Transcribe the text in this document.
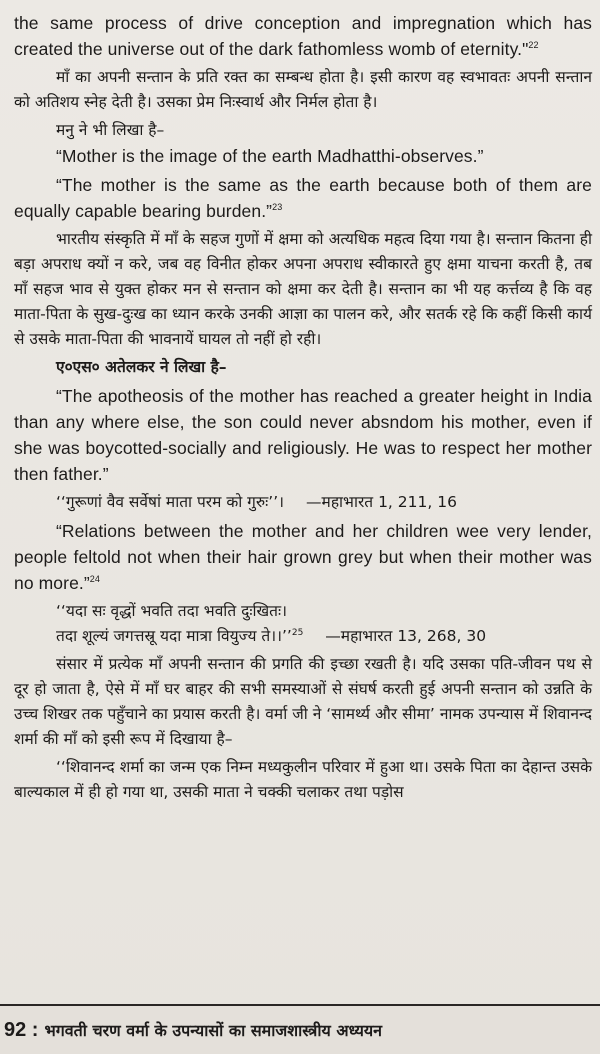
the same process of drive conception and impregnation which has created the universe out of the dark fathomless womb of eternity."$^{22}$

माँ का अपनी सन्तान के प्रति रक्त का सम्बन्ध होता है। इसी कारण वह स्वभावतः अपनी सन्तान को अतिशय स्नेह देती है। उसका प्रेम निःस्वार्थ और निर्मल होता है।

मनु ने भी लिखा है–

“Mother is the image of the earth Madhatthi-observes.”

“The mother is the same as the earth because both of them are equally capable bearing burden.”$^{23}$

भारतीय संस्कृति में माँ के सहज गुणों में क्षमा को अत्यधिक महत्व दिया गया है। सन्तान कितना ही बड़ा अपराध क्यों न करे, जब वह विनीत होकर अपना अपराध स्वीकारते हुए क्षमा याचना करती है, तब माँ सहज भाव से युक्त होकर मन से सन्तान को क्षमा कर देती है। सन्तान का भी यह कर्त्तव्य है कि वह माता-पिता के सुख-दुःख का ध्यान करके उनकी आज्ञा का पालन करे, और सतर्क रहे कि कहीं किसी कार्य से उसके माता-पिता की भावनायें घायल तो नहीं हो रही।

ए०एस० अतेलकर ने लिखा है–

“The apotheosis of the mother has reached a greater height in India than any where else, the son could never absndom his mother, even if she was boycotted-socially and religiously. He was to respect her mother then father.”

‘‘गुरूणां वैव सर्वेषां माता परम को गुरुः’’। —महाभारत 1, 211, 16

“Relations between the mother and her children wee very lender, people feltold not when their hair grown grey but when their mother was no more.”$^{24}$

‘‘यदा सः वृद्धों भवति तदा भवति दुःखितः।

तदा शूल्यं जगत्तस्रू यदा मात्रा वियुज्य ते।।’’$^{25}$ —महाभारत 13, 268, 30

संसार में प्रत्येक माँ अपनी सन्तान की प्रगति की इच्छा रखती है। यदि उसका पति-जीवन पथ से दूर हो जाता है, ऐसे में माँ घर बाहर की सभी समस्याओं से संघर्ष करती हुई अपनी सन्तान को उन्नति के उच्च शिखर तक पहुँचाने का प्रयास करती है। वर्मा जी ने ‘सामर्थ्य और सीमा’ नामक उपन्यास में शिवानन्द शर्मा की माँ को इसी रूप में दिखाया है–

‘‘शिवानन्द शर्मा का जन्म एक निम्न मध्यकुलीन परिवार में हुआ था। उसके पिता का देहान्त उसके बाल्यकाल में ही हो गया था, उसकी माता ने चक्की चलाकर तथा पड़ोस

92 : भगवती चरण वर्मा के उपन्यासों का समाजशास्त्रीय अध्ययन
